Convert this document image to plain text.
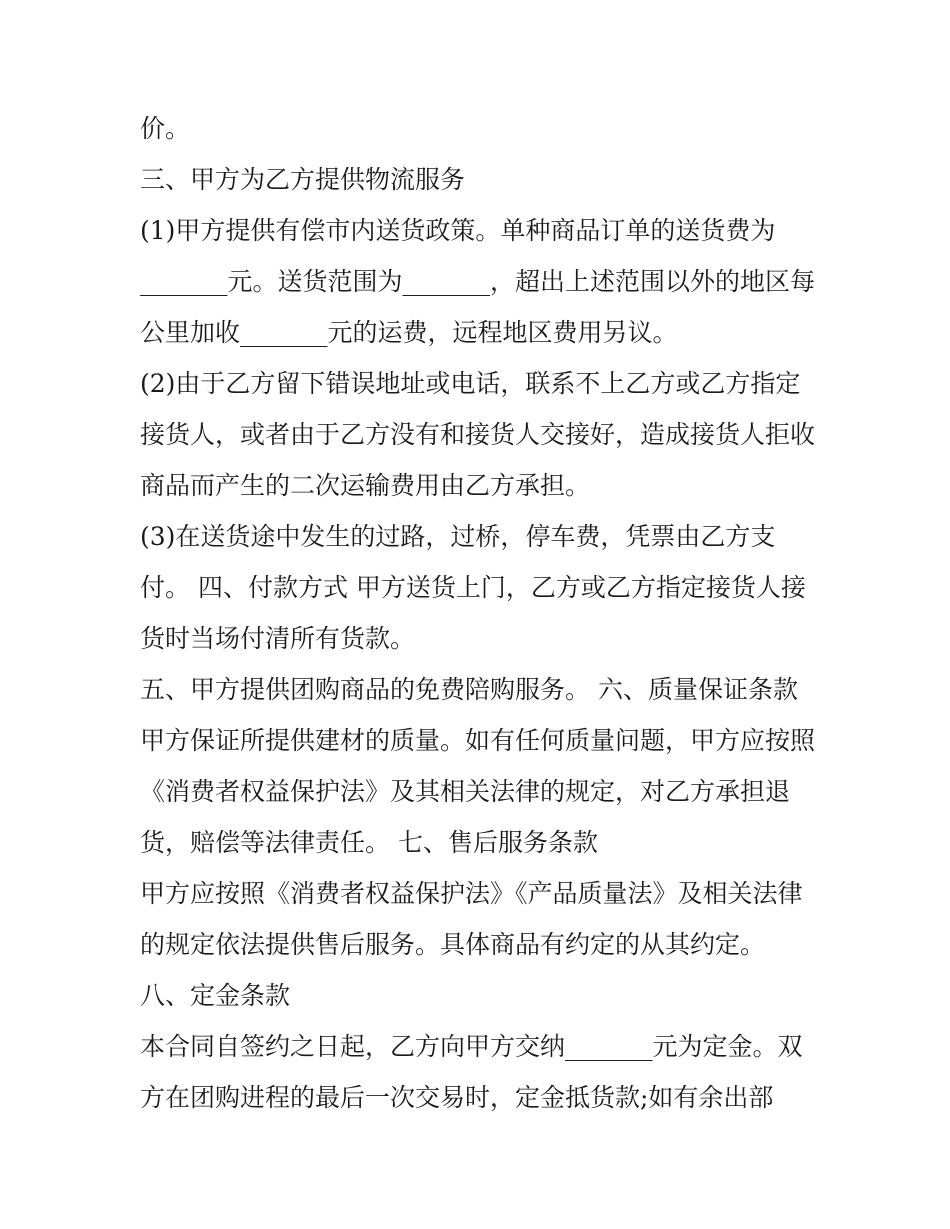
价。

三、甲方为乙方提供物流服务

(1)甲方提供有偿市内送货政策。单种商品订单的送货费为

_______元。送货范围为_______，超出上述范围以外的地区每

公里加收_______元的运费，远程地区费用另议。

(2)由于乙方留下错误地址或电话，联系不上乙方或乙方指定

接货人，或者由于乙方没有和接货人交接好，造成接货人拒收

商品而产生的二次运输费用由乙方承担。

(3)在送货途中发生的过路，过桥，停车费，凭票由乙方支

付。 四、付款方式 甲方送货上门，乙方或乙方指定接货人接

货时当场付清所有货款。

五、甲方提供团购商品的免费陪购服务。 六、质量保证条款

甲方保证所提供建材的质量。如有任何质量问题，甲方应按照

《消费者权益保护法》及其相关法律的规定，对乙方承担退

货，赔偿等法律责任。 七、售后服务条款

甲方应按照《消费者权益保护法》《产品质量法》及相关法律

的规定依法提供售后服务。具体商品有约定的从其约定。

八、定金条款

本合同自签约之日起，乙方向甲方交纳_______元为定金。双

方在团购进程的最后一次交易时，定金抵货款;如有余出部
